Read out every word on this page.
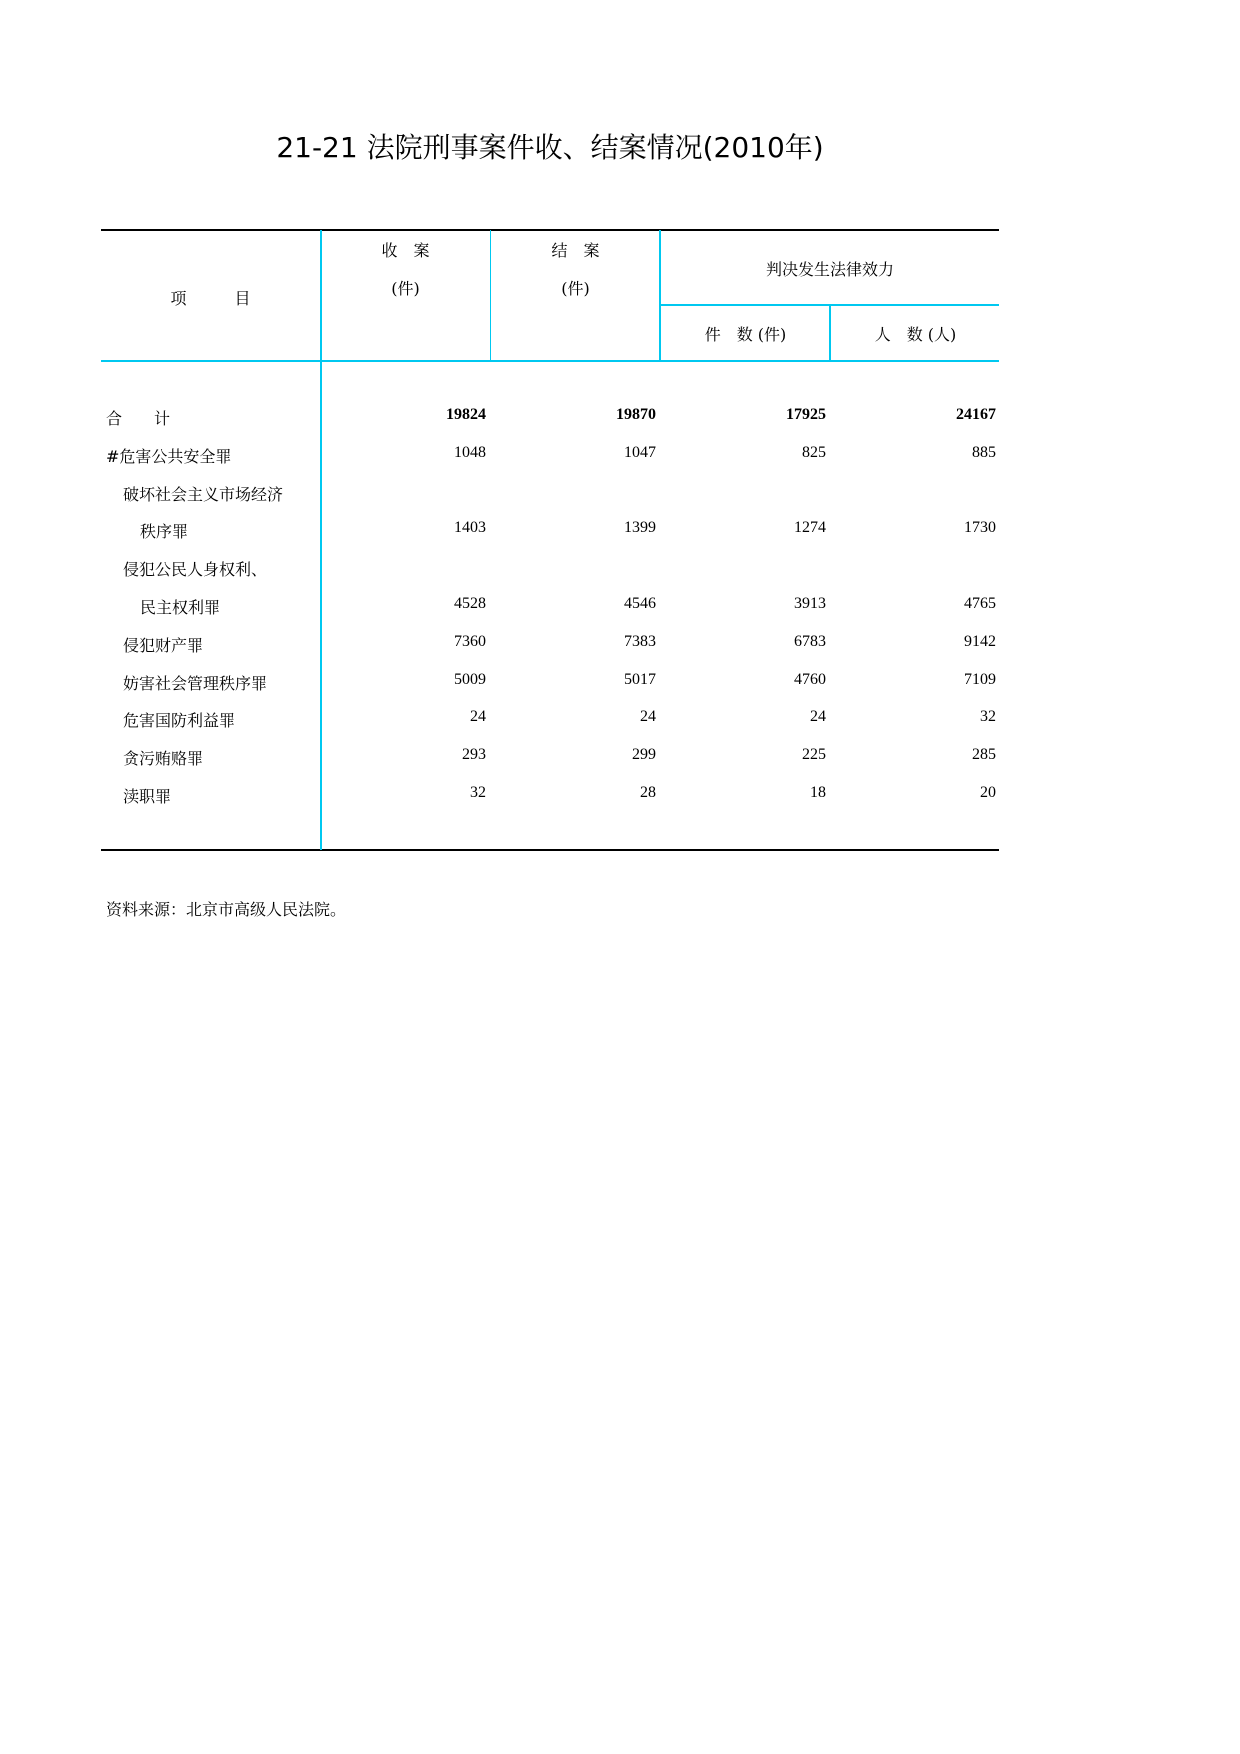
21-21 法院刑事案件收、结案情况(2010年)
项　　　目
收　案
(件)
结　案
(件)
判决发生法律效力
件　数 (件)	人　数 (人)
合　　计	19824	19870	17925	24167
#危害公共安全罪	1048	1047	825	885
破坏社会主义市场经济
秩序罪	1403	1399	1274	1730
侵犯公民人身权利、
民主权利罪	4528	4546	3913	4765
侵犯财产罪	7360	7383	6783	9142
妨害社会管理秩序罪	5009	5017	4760	7109
危害国防利益罪	24	24	24	32
贪污贿赂罪	293	299	225	285
渎职罪	32	28	18	20
资料来源：北京市高级人民法院。
